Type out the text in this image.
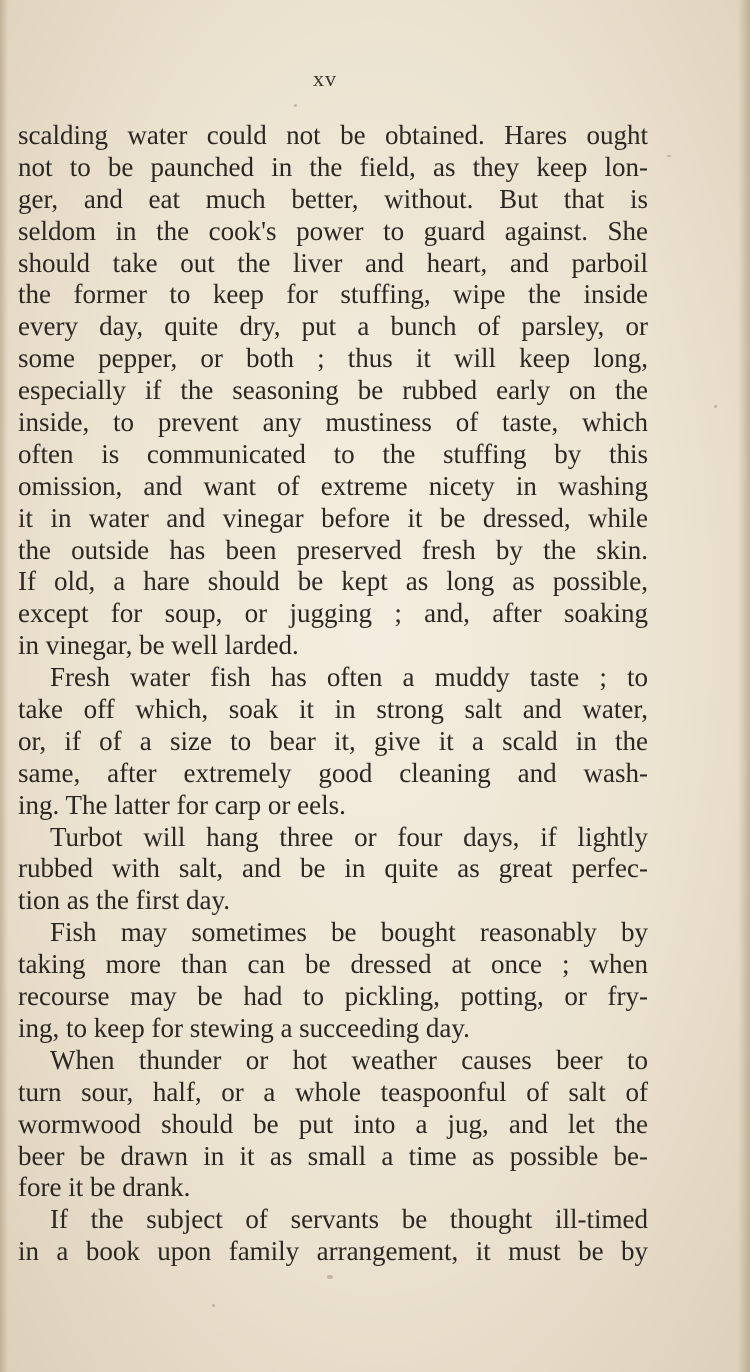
xv
scalding water could not be obtained. Hares ought
not to be paunched in the field, as they keep lon-
ger, and eat much better, without. But that is
seldom in the cook's power to guard against. She
should take out the liver and heart, and parboil
the former to keep for stuffing, wipe the inside
every day, quite dry, put a bunch of parsley, or
some pepper, or both ; thus it will keep long,
especially if the seasoning be rubbed early on the
inside, to prevent any mustiness of taste, which
often is communicated to the stuffing by this
omission, and want of extreme nicety in washing
it in water and vinegar before it be dressed, while
the outside has been preserved fresh by the skin.
If old, a hare should be kept as long as possible,
except for soup, or jugging ; and, after soaking
in vinegar, be well larded.
Fresh water fish has often a muddy taste ; to
take off which, soak it in strong salt and water,
or, if of a size to bear it, give it a scald in the
same, after extremely good cleaning and wash-
ing. The latter for carp or eels.
Turbot will hang three or four days, if lightly
rubbed with salt, and be in quite as great perfec-
tion as the first day.
Fish may sometimes be bought reasonably by
taking more than can be dressed at once ; when
recourse may be had to pickling, potting, or fry-
ing, to keep for stewing a succeeding day.
When thunder or hot weather causes beer to
turn sour, half, or a whole teaspoonful of salt of
wormwood should be put into a jug, and let the
beer be drawn in it as small a time as possible be-
fore it be drank.
If the subject of servants be thought ill-timed
in a book upon family arrangement, it must be by
